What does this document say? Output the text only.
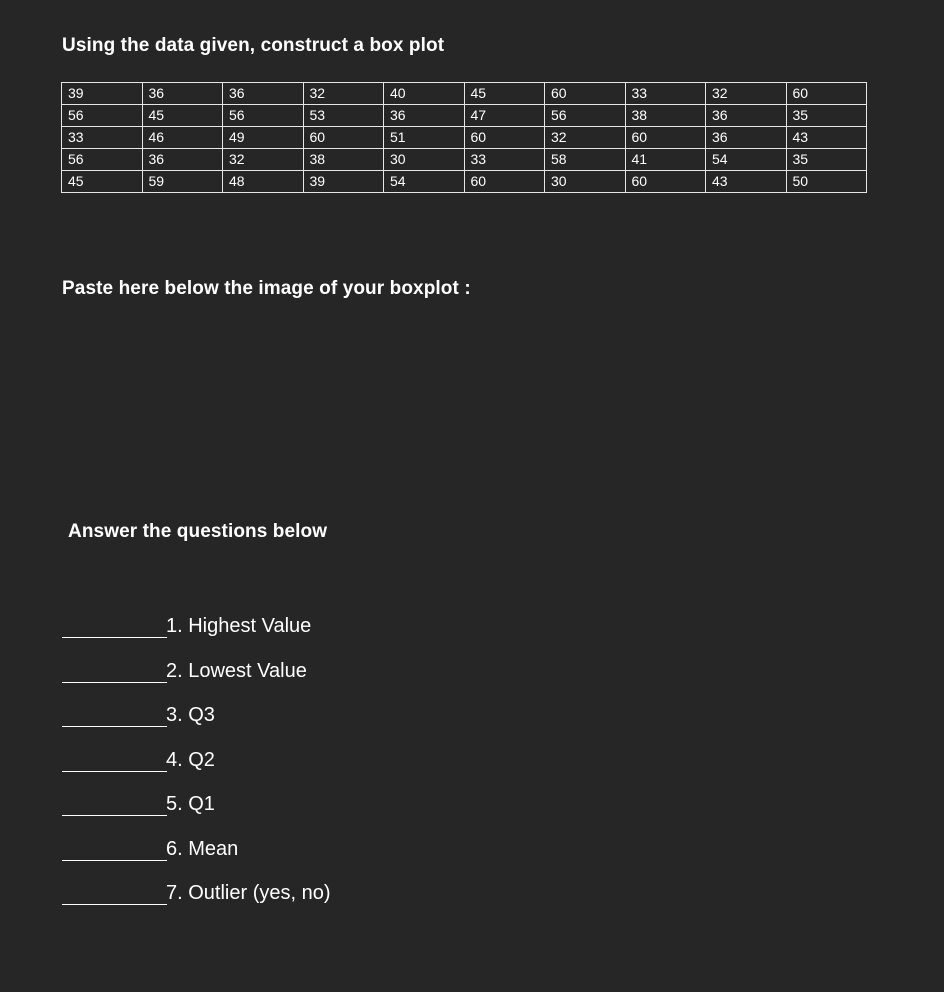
Using the data given, construct a box plot
39	36	36	32	40	45	60	33	32	60
56	45	56	53	36	47	56	38	36	35
33	46	49	60	51	60	32	60	36	43
56	36	32	38	30	33	58	41	54	35
45	59	48	39	54	60	30	60	43	50
Paste here below the image of your boxplot :
Answer the questions below
1. Highest Value
2. Lowest Value
3. Q3
4. Q2
5. Q1
6. Mean
7. Outlier (yes, no)
